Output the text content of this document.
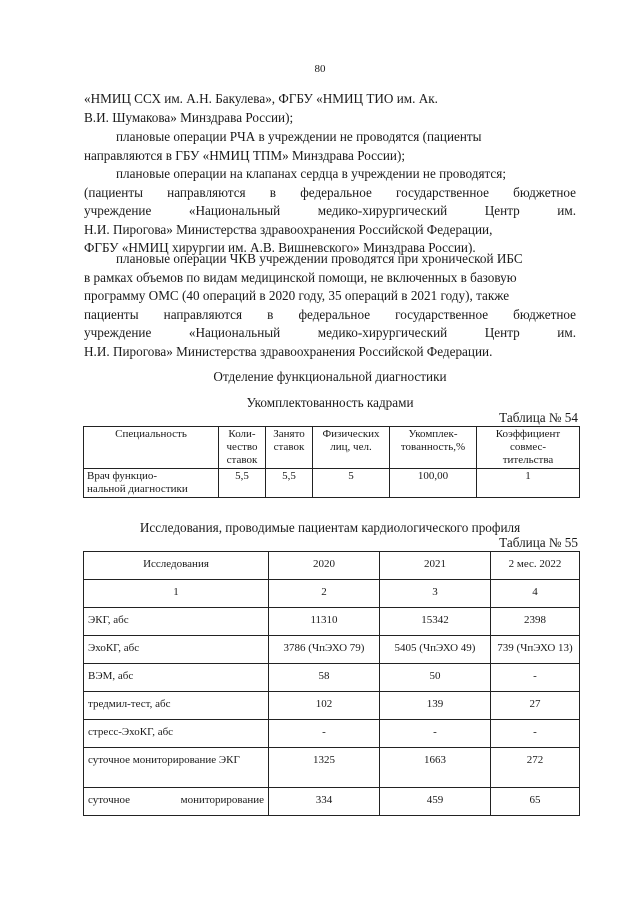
80
«НМИЦ ССХ им. А.Н. Бакулева», ФГБУ «НМИЦ ТИО им. Ак.
В.И. Шумакова» Минздрава России);
плановые операции РЧА в учреждении не проводятся (пациенты
направляются в ГБУ «НМИЦ ТПМ» Минздрава России);
плановые операции на клапанах сердца в учреждении не проводятся;
(пациенты направляются в федеральное государственное бюджетное
учреждение «Национальный медико-хирургический Центр им.
Н.И. Пирогова» Министерства здравоохранения Российской Федерации,
ФГБУ «НМИЦ хирургии им. А.В. Вишневского» Минздрава России).
плановые операции ЧКВ учреждении проводятся при хронической ИБС
в рамках объемов по видам медицинской помощи, не включенных в базовую
программу ОМС (40 операций в 2020 году, 35 операций в 2021 году), также
пациенты направляются в федеральное государственное бюджетное
учреждение «Национальный медико-хирургический Центр им.
Н.И. Пирогова» Министерства здравоохранения Российской Федерации.
Отделение функциональной диагностики
Укомплектованность кадрами
Таблица № 54
Специальность	Коли-
чество
ставок	Занято
ставок	Физических
лиц, чел.	Укомплек-
тованность,%	Коэффициент
совмес-
тительства
Врач функцио-
нальной диагностики	5,5	5,5	5	100,00	1
Исследования, проводимые пациентам кардиологического профиля
Таблица № 55
Исследования	2020	2021	2 мес. 2022
1	2	3	4
ЭКГ, абс	11310	15342	2398
ЭхоКГ, абс	3786 (ЧпЭХО 79)	5405 (ЧпЭХО 49)	739 (ЧпЭХО 13)
ВЭМ, абс	58	50	-
тредмил-тест, абс	102	139	27
стресс-ЭхоКГ, абс	-	-	-
суточное мониторирование ЭКГ	1325	1663	272
суточное мониторирование	334	459	65
